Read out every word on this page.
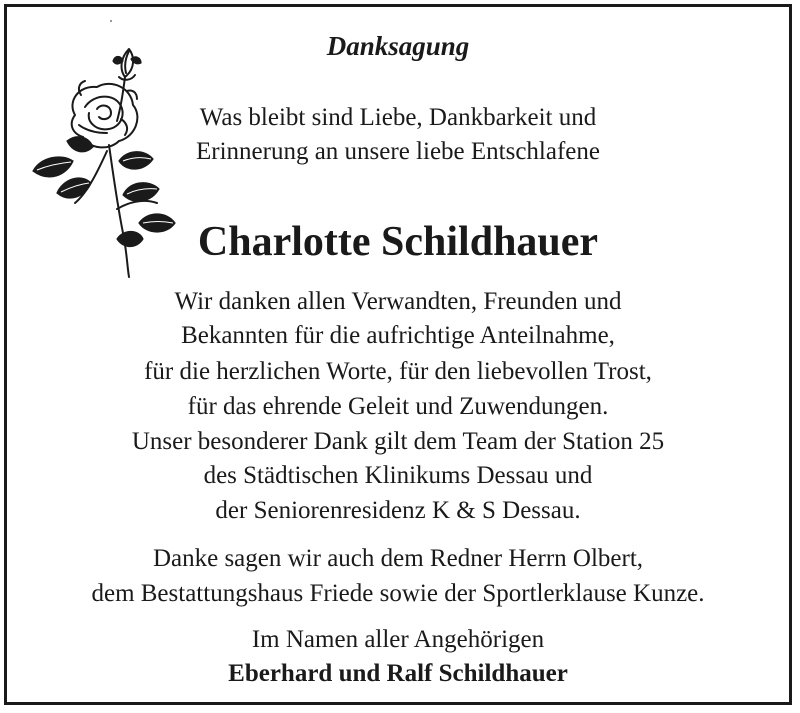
Danksagung
Was bleibt sind Liebe, Dankbarkeit und
Erinnerung an unsere liebe Entschlafene
Charlotte Schildhauer
Wir danken allen Verwandten, Freunden und
Bekannten für die aufrichtige Anteilnahme,
für die herzlichen Worte, für den liebevollen Trost,
für das ehrende Geleit und Zuwendungen.
Unser besonderer Dank gilt dem Team der Station 25
des Städtischen Klinikums Dessau und
der Seniorenresidenz K & S Dessau.
Danke sagen wir auch dem Redner Herrn Olbert,
dem Bestattungshaus Friede sowie der Sportlerklause Kunze.
Im Namen aller Angehörigen
Eberhard und Ralf Schildhauer
